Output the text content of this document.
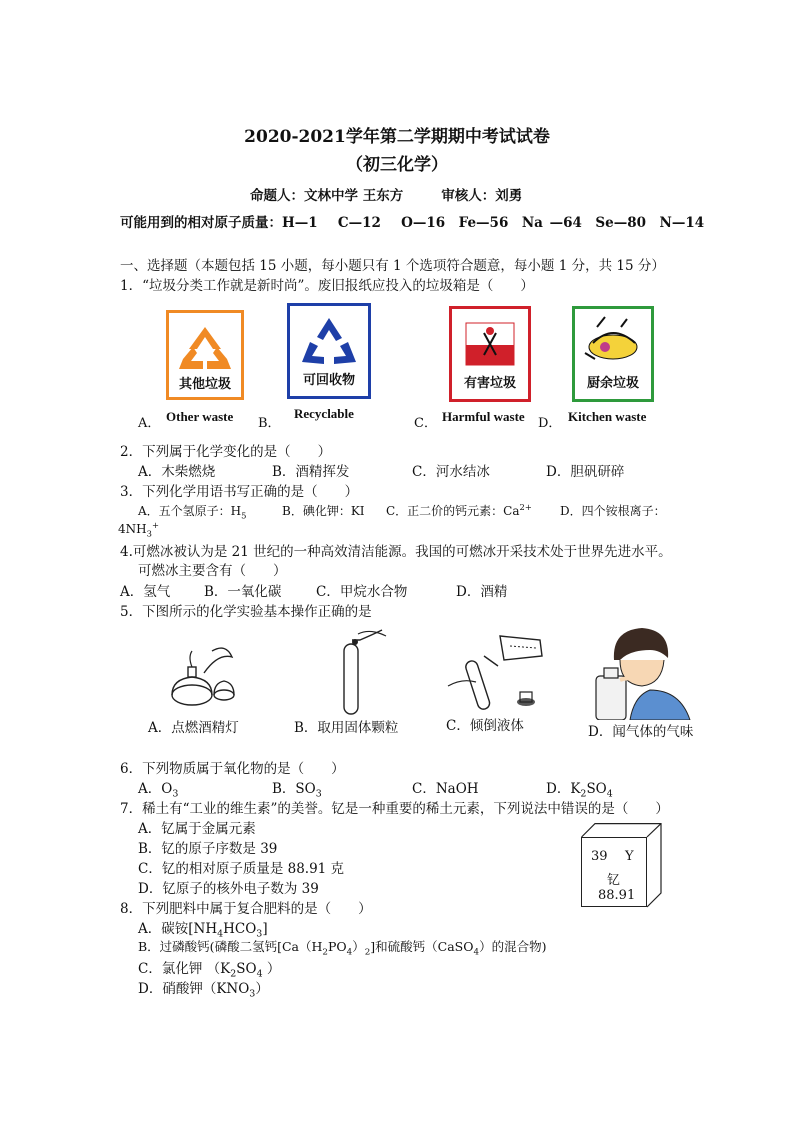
2020-2021学年第二学期期中考试试卷
（初三化学）
命题人：文林中学 王东方	审核人：刘勇
可能用到的相对原子质量：H—1　 C—12　 O—16　Fe—56　Na —64　Se—80　N—14
一、选择题（本题包括 15 小题，每小题只有 1 个选项符合题意，每小题 1 分，共 15 分）
1．“垃圾分类工作就是新时尚”。废旧报纸应投入的垃圾箱是（　　）
其他垃圾
A． Other waste
可回收物
B．
Recyclable
有害垃圾
C． Harmful waste
厨余垃圾
D． Kitchen waste
2．下列属于化学变化的是（　　）
A．木柴燃烧	B．酒精挥发	C．河水结冰	D．胆矾研碎
3．下列化学用语书写正确的是（　　）
A．五个氢原子：$H_5$	B．碘化钾：KI C．正二价的钙元素：$Ca^{2+}$ D．四个铵根离子：
$4NH_3^+$
4.可燃冰被认为是 21 世纪的一种高效清洁能源。我国的可燃冰开采技术处于世界先进水平。
可燃冰主要含有（　　）
A．氢气	B．一氧化碳	C．甲烷水合物	D．酒精
5．下图所示的化学实验基本操作正确的是
A．点燃酒精灯	B．取用固体颗粒	C．倾倒液体	D．闻气体的气味
6．下列物质属于氧化物的是（　　）
A．$O_3$	B．$SO_3$	C．NaOH	D．$K_2SO_4$
7．稀土有“工业的维生素”的美誉。钇是一种重要的稀土元素，下列说法中错误的是（　　）
A．钇属于金属元素
B．钇的原子序数是 39
C．钇的相对原子质量是 88.91 克
D．钇原子的核外电子数为 39
39 Y
钇
88.91
8．下列肥料中属于复合肥料的是（　　）
A．碳铵$[NH_4HCO_3]$
B．过磷酸钙(磷酸二氢钙$[Ca(H_2PO_4)_2]$和硫酸钙（CaSO$_4$）的混合物)
C．氯化钾 （$K_2SO_4$ ）
D．硝酸钾$(KNO_3)$
